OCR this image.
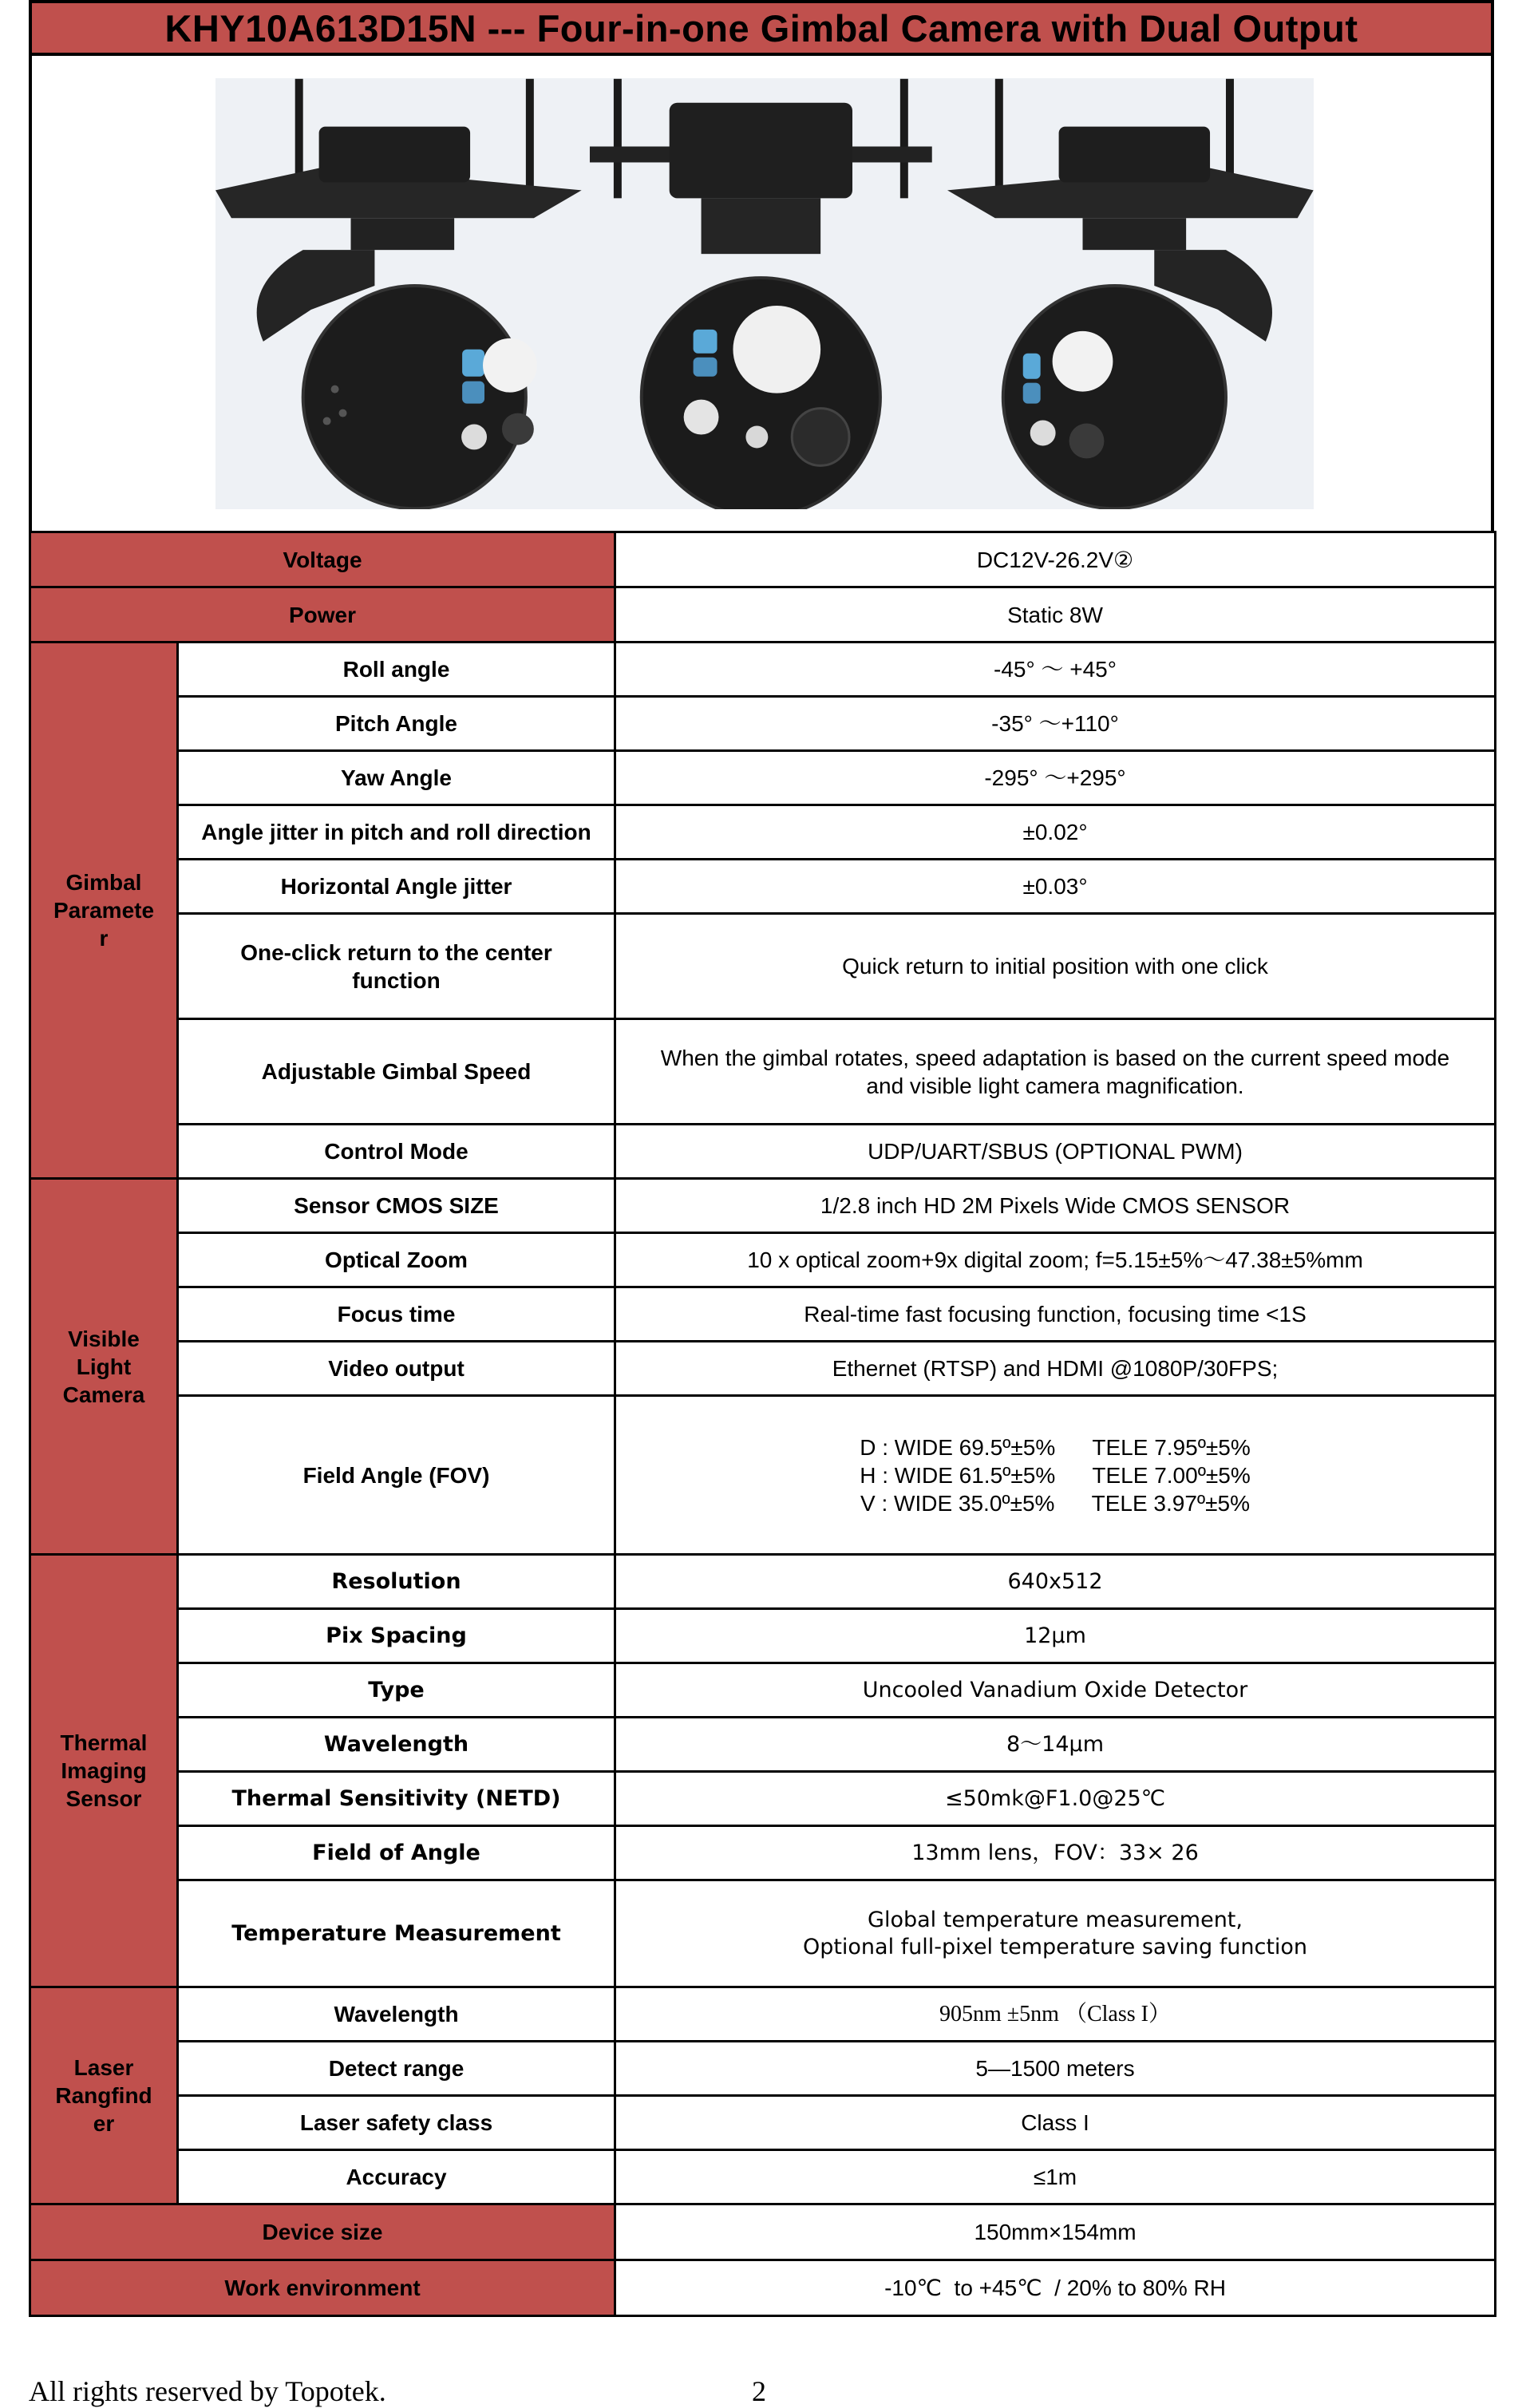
KHY10A613D15N --- Four-in-one Gimbal Camera with Dual Output
Voltage		DC12V-26.2V②
Power		Static 8W

Gimbal
Paramete
r	Roll angle	-45° ～ +45°
	Pitch Angle	-35° ～+110°
	Yaw Angle	-295° ～+295°
	Angle jitter in pitch and roll direction	±0.02°
	Horizontal Angle jitter	±0.03°

	One-click return to the center
function	Quick return to initial position with one click
	Adjustable Gimbal Speed	When the gimbal rotates, speed adaptation is based on the current speed mode
and visible light camera magnification.

	Control Mode	UDP/UART/SBUS (OPTIONAL PWM)

Visible
Light
Camera	Sensor CMOS SIZE	1/2.8 inch HD 2M Pixels Wide CMOS SENSOR
	Optical Zoom	10 x optical zoom+9x digital zoom; f=5.15±5%～47.38±5%mm
	Focus time	Real-time fast focusing function, focusing time <1S
	Video output	Ethernet (RTSP) and HDMI @1080P/30FPS;
	Field Angle (FOV)	D : WIDE 69.5º±5%      TELE 7.95º±5%
H : WIDE 61.5º±5%      TELE 7.00º±5%
V : WIDE 35.0º±5%      TELE 3.97º±5%

Thermal
Imaging
Sensor	Resolution	640x512
	Pix Spacing	12μm
	Type	Uncooled Vanadium Oxide Detector
	Wavelength	8～14μm
	Thermal Sensitivity (NETD)	≤50mk@F1.0@25℃
	Field of Angle	13mm lens，FOV：33× 26
	Temperature Measurement	Global temperature measurement,
Optional full-pixel temperature saving function

Laser
Rangfind
er	Wavelength	905nm ±5nm （Class I）
	Detect range	5—1500 meters
	Laser safety class	Class I
	Accuracy	≤1m
Device size		150mm×154mm
Work environment		-10℃  to +45℃  / 20% to 80% RH
All rights reserved by Topotek.	2
